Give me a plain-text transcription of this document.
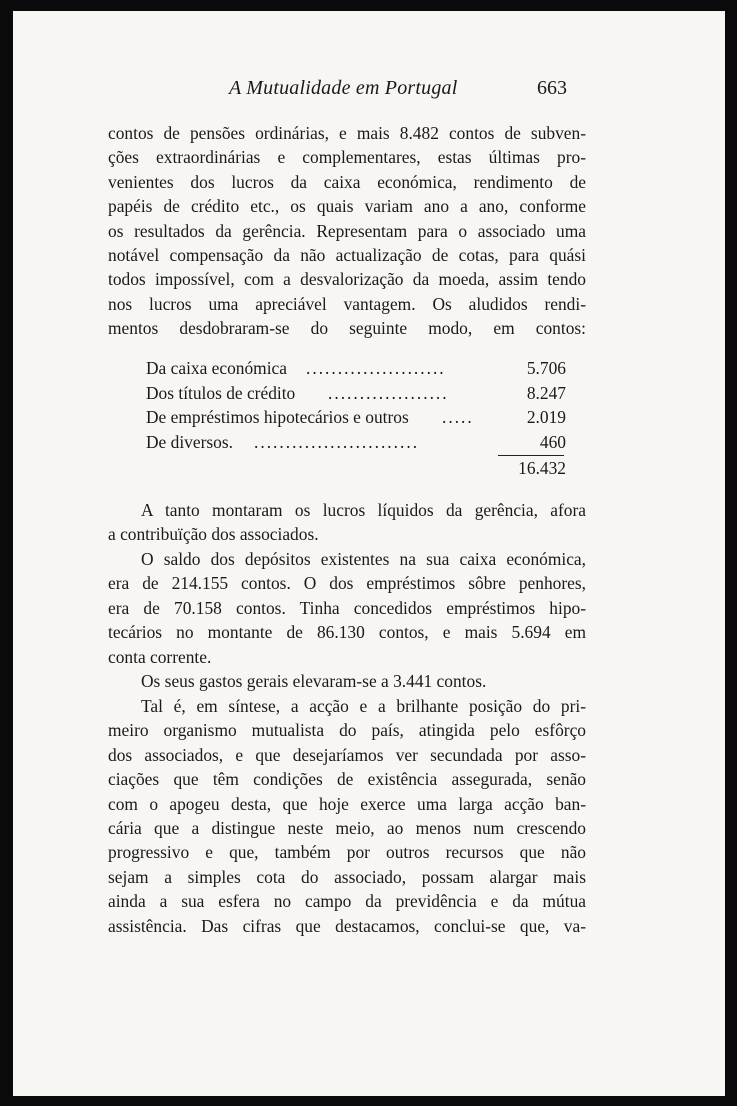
A Mutualidade em Portugal	663
contos de pensões ordinárias, e mais 8.482 contos de subven-
ções extraordinárias e complementares, estas últimas pro-
venientes dos lucros da caixa económica, rendimento de
papéis de crédito etc., os quais variam ano a ano, conforme
os resultados da gerência. Representam para o associado uma
notável compensação da não actualização de cotas, para quási
todos impossível, com a desvalorização da moeda, assim tendo
nos lucros uma apreciável vantagem. Os aludidos rendi-
mentos desdobraram-se do seguinte modo, em contos:
Da caixa económica ......................	5.706
Dos títulos de crédito ...................	8.247
De empréstimos hipotecários e outros .....	2.019
De diversos. ..........................	460
16.432
A tanto montaram os lucros líquidos da gerência, afora
a contribuïção dos associados.
O saldo dos depósitos existentes na sua caixa económica,
era de 214.155 contos. O dos empréstimos sôbre penhores,
era de 70.158 contos. Tinha concedidos empréstimos hipo-
tecários no montante de 86.130 contos, e mais 5.694 em
conta corrente.
Os seus gastos gerais elevaram-se a 3.441 contos.
Tal é, em síntese, a acção e a brilhante posição do pri-
meiro organismo mutualista do país, atingida pelo esfôrço
dos associados, e que desejaríamos ver secundada por asso-
ciações que têm condições de existência assegurada, senão
com o apogeu desta, que hoje exerce uma larga acção ban-
cária que a distingue neste meio, ao menos num crescendo
progressivo e que, também por outros recursos que não
sejam a simples cota do associado, possam alargar mais
ainda a sua esfera no campo da previdência e da mútua
assistência. Das cifras que destacamos, conclui-se que, va-
